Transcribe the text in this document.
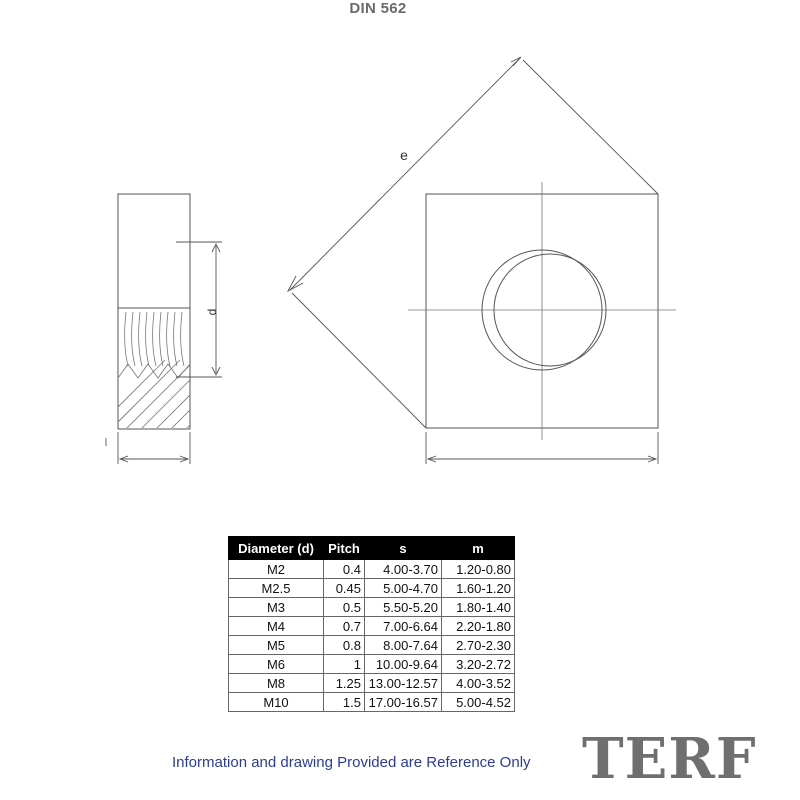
DIN 562
d
e
Diameter (d)	Pitch	s	m
M2	0.4	4.00-3.70	1.20-0.80
M2.5	0.45	5.00-4.70	1.60-1.20
M3	0.5	5.50-5.20	1.80-1.40
M4	0.7	7.00-6.64	2.20-1.80
M5	0.8	8.00-7.64	2.70-2.30
M6	1	10.00-9.64	3.20-2.72
M8	1.25	13.00-12.57	4.00-3.52
M10	1.5	17.00-16.57	5.00-4.52
Information and drawing Provided are Reference Only TERF
